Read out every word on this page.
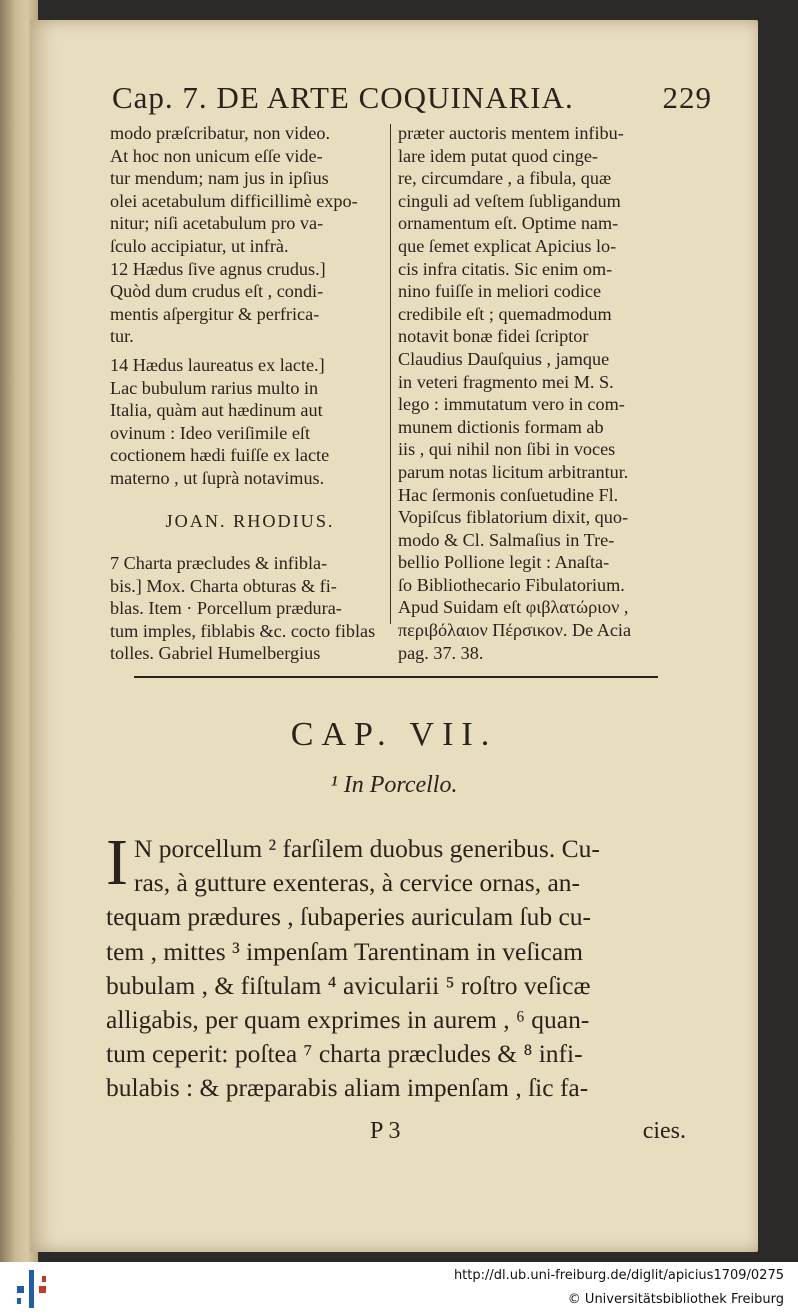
Cap. 7. DE ARTE COQUINARIA.	229

modo præſcribatur, non video.

At hoc non unicum eſſe vide-

tur mendum; nam jus in ipſius

olei acetabulum difficillimè expo-

nitur; niſi acetabulum pro va-

ſculo accipiatur, ut infrà.

12 Hædus ſive agnus crudus.]

Quòd dum crudus eſt , condi-

mentis aſpergitur & perfrica-

tur.

14 Hædus laureatus ex lacte.]

Lac bubulum rarius multo in

Italia, quàm aut hædinum aut

ovinum : Ideo veriſimile eſt

coctionem hædi fuiſſe ex lacte

materno , ut ſuprà notavimus.

JOAN. RHODIUS.

7 Charta præcludes & infibla-

bis.] Mox. Charta obturas & fi-

blas. Item · Porcellum prædura-

tum imples, fiblabis &c. cocto fiblas

tolles. Gabriel Humelbergius

præter auctoris mentem infibu-

lare idem putat quod cinge-

re, circumdare , a fibula, quæ

cinguli ad veſtem ſubligandum

ornamentum eſt. Optime nam-

que ſemet explicat Apicius lo-

cis infra citatis. Sic enim om-

nino fuiſſe in meliori codice

credibile eſt ; quemadmodum

notavit bonæ fidei ſcriptor

Claudius Dauſquius , jamque

in veteri fragmento mei M. S.

lego : immutatum vero in com-

munem dictionis formam ab

iis , qui nihil non ſibi in voces

parum notas licitum arbitrantur.

Hac ſermonis conſuetudine Fl.

Vopiſcus fiblatorium dixit, quo-

modo & Cl. Salmaſius in Tre-

bellio Pollione legit : Anaſta-

ſo Bibliothecario Fibulatorium.

Apud Suidam eſt φιβλατώριον ,

περιβόλαιον Πέρσικον. De Acia

pag. 37. 38.

CAP. VII.
¹ In Porcello.
I N porcellum ² farſilem duobus generibus. Cu-

ras, à gutture exenteras, à cervice ornas, an-

tequam prædures , ſubaperies auriculam ſub cu-

tem , mittes ³ impenſam Tarentinam in veſicam

bubulam , & fiſtulam ⁴ avicularii ⁵ roſtro veſicæ

alligabis, per quam exprimes in aurem , ⁶ quan-

tum ceperit: poſtea ⁷ charta præcludes & ⁸ infi-

bulabis : & præparabis aliam impenſam , ſic fa-

P 3	cies.
http://dl.ub.uni-freiburg.de/diglit/apicius1709/0275
© Universitätsbibliothek Freiburg
